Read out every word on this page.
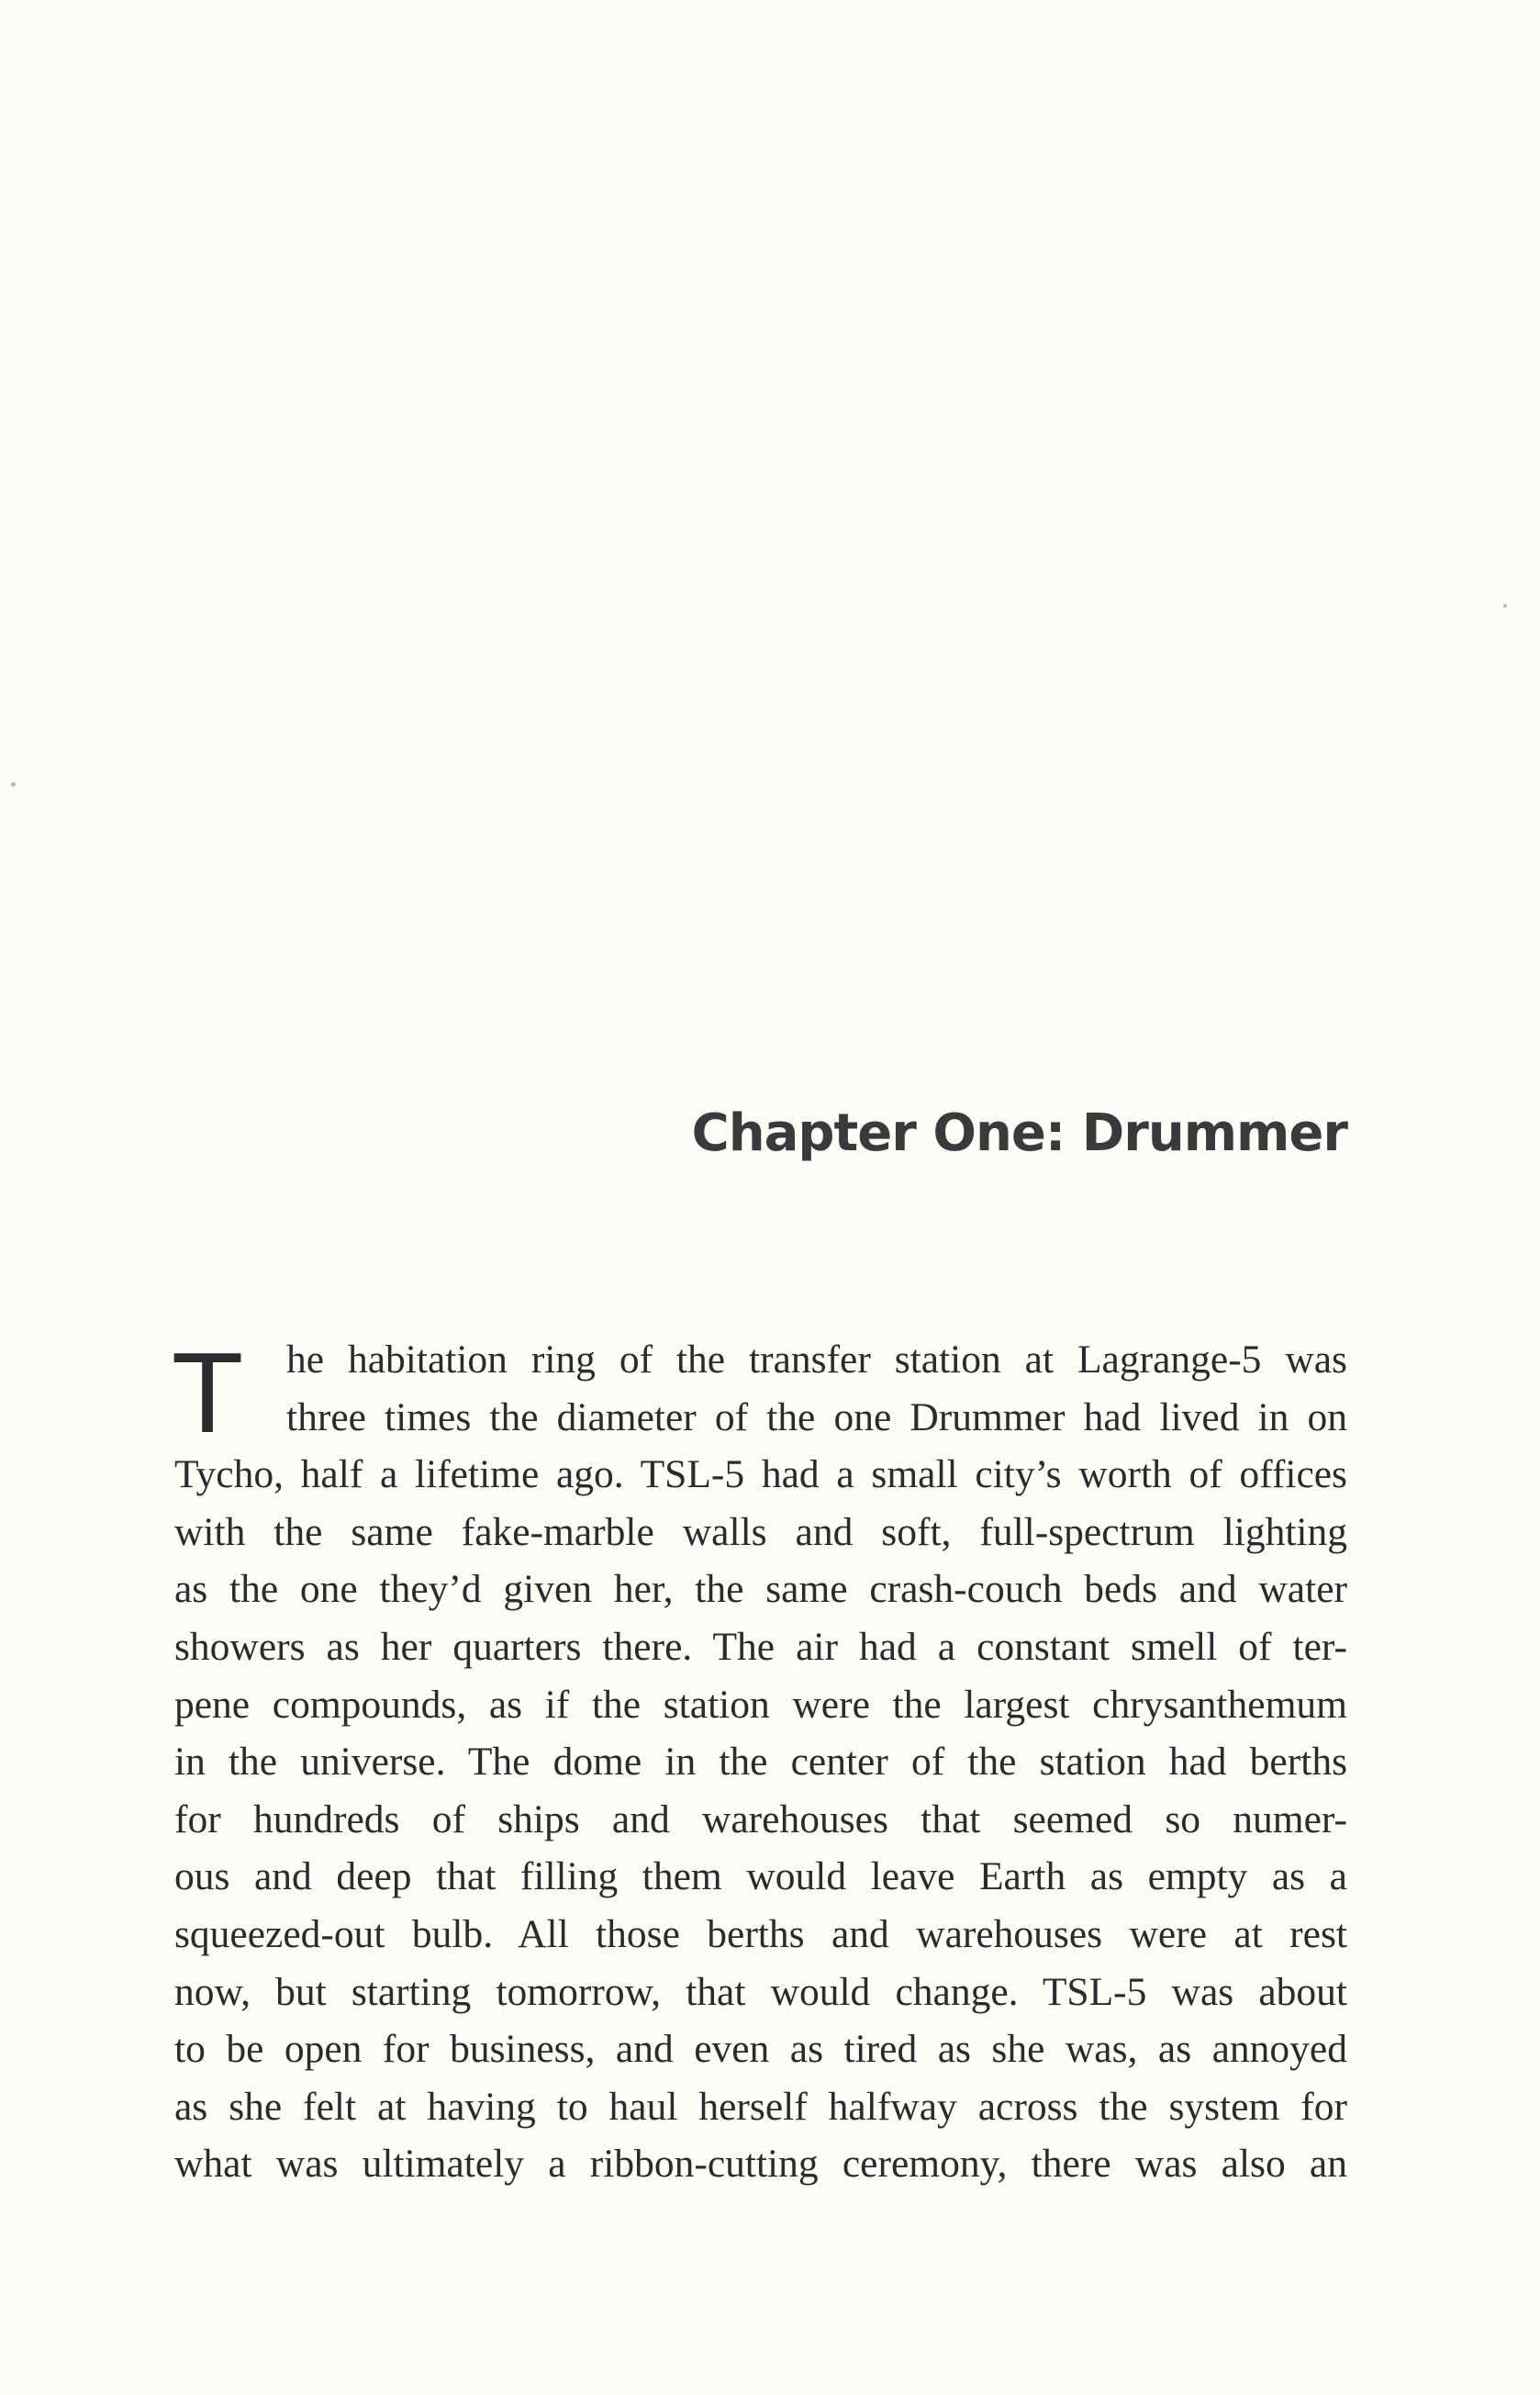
Chapter One: Drummer
T	he habitation ring of the transfer station at Lagrange-5 was
three times the diameter of the one Drummer had lived in on
Tycho, half a lifetime ago. TSL-5 had a small city’s worth of offices
with the same fake-marble walls and soft, full-spectrum lighting
as the one they’d given her, the same crash-couch beds and water
showers as her quarters there. The air had a constant smell of ter-
pene compounds, as if the station were the largest chrysanthemum
in the universe. The dome in the center of the station had berths
for hundreds of ships and warehouses that seemed so numer-
ous and deep that filling them would leave Earth as empty as a
squeezed-out bulb. All those berths and warehouses were at rest
now, but starting tomorrow, that would change. TSL-5 was about
to be open for business, and even as tired as she was, as annoyed
as she felt at having to haul herself halfway across the system for
what was ultimately a ribbon-cutting ceremony, there was also an
